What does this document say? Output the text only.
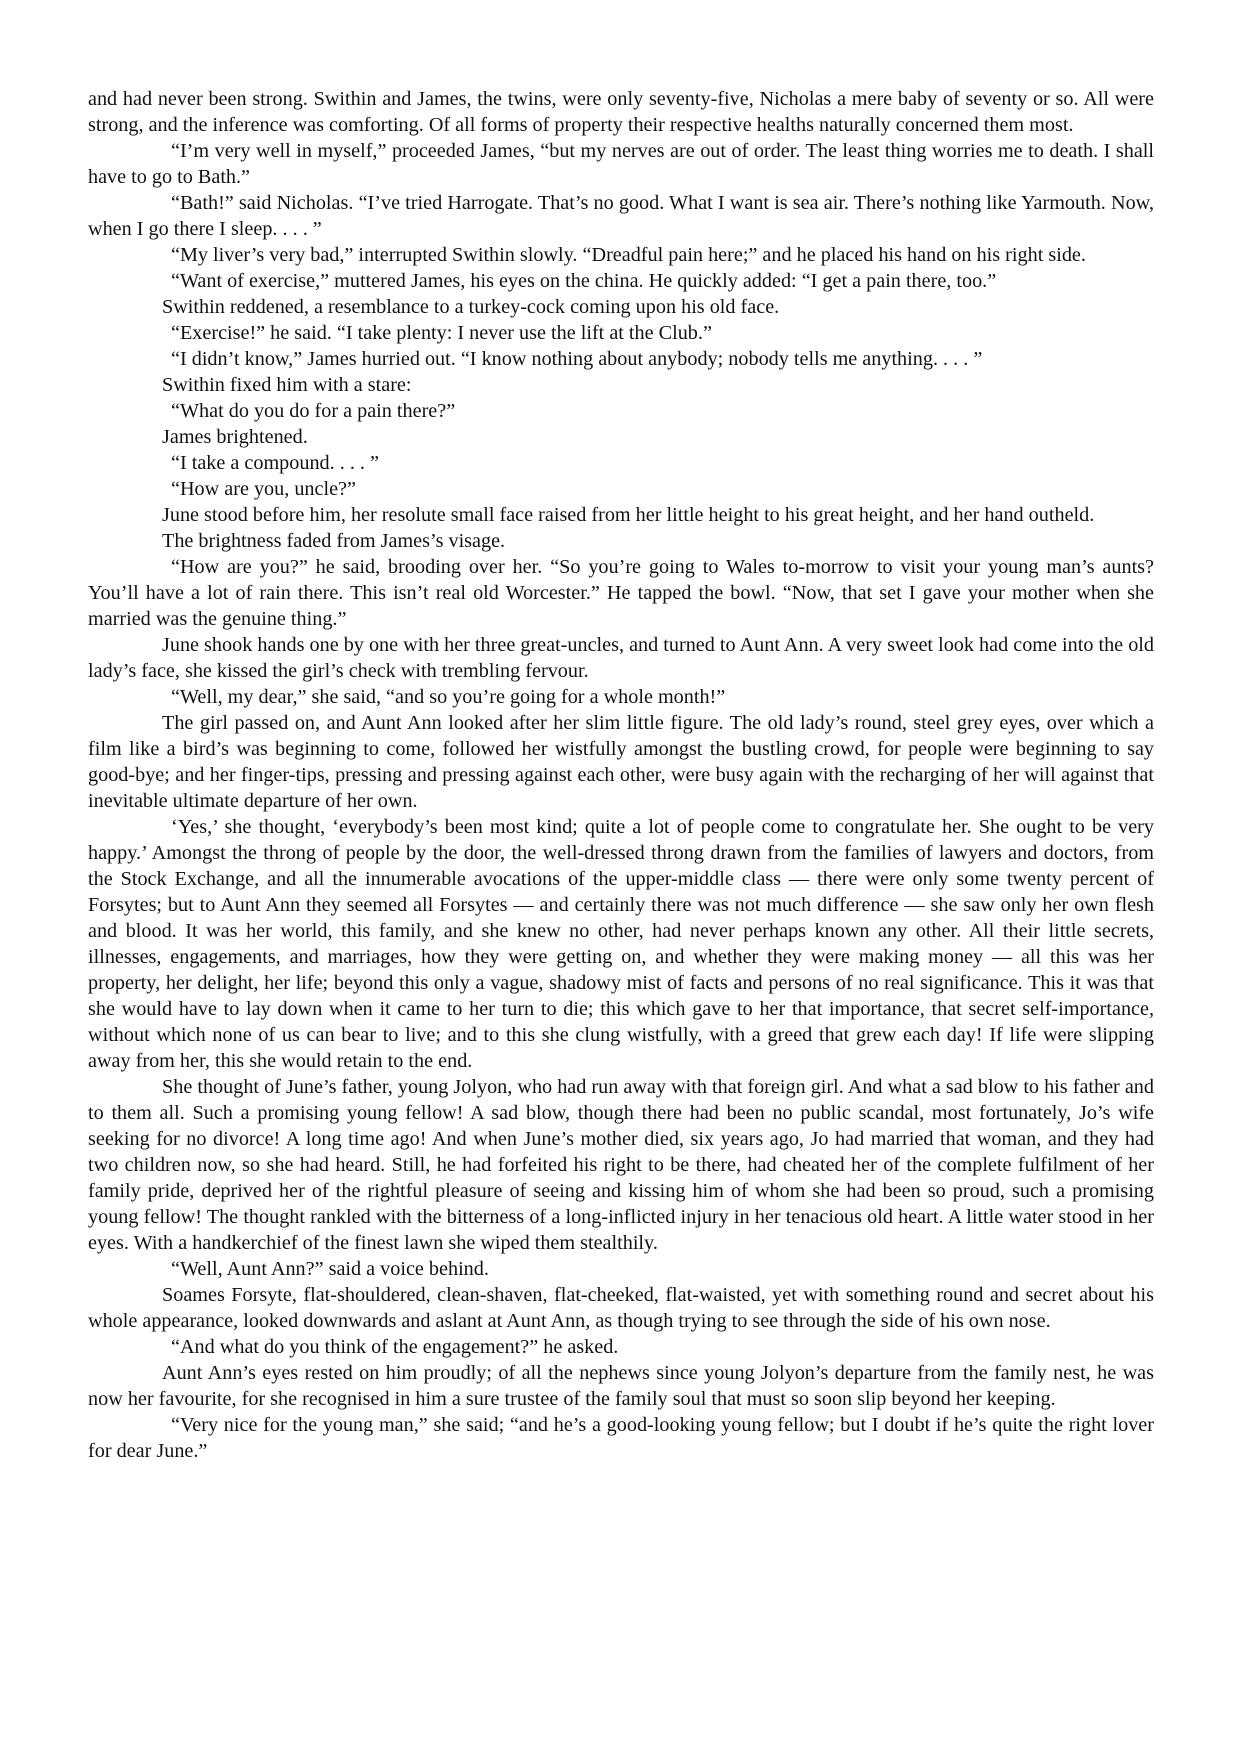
and had never been strong. Swithin and James, the twins, were only seventy-five, Nicholas a mere baby of seventy or so. All were strong, and the inference was comforting. Of all forms of property their respective healths naturally concerned them most.

“I’m very well in myself,” proceeded James, “but my nerves are out of order. The least thing worries me to death. I shall have to go to Bath.”

“Bath!” said Nicholas. “I’ve tried Harrogate. That’s no good. What I want is sea air. There’s nothing like Yarmouth. Now, when I go there I sleep. . . . ”

“My liver’s very bad,” interrupted Swithin slowly. “Dreadful pain here;” and he placed his hand on his right side.

“Want of exercise,” muttered James, his eyes on the china. He quickly added: “I get a pain there, too.”

Swithin reddened, a resemblance to a turkey-cock coming upon his old face.

“Exercise!” he said. “I take plenty: I never use the lift at the Club.”

“I didn’t know,” James hurried out. “I know nothing about anybody; nobody tells me anything. . . . ”

Swithin fixed him with a stare:

“What do you do for a pain there?”

James brightened.

“I take a compound. . . . ”

“How are you, uncle?”

June stood before him, her resolute small face raised from her little height to his great height, and her hand outheld.

The brightness faded from James’s visage.

“How are you?” he said, brooding over her. “So you’re going to Wales to-morrow to visit your young man’s aunts? You’ll have a lot of rain there. This isn’t real old Worcester.” He tapped the bowl. “Now, that set I gave your mother when she married was the genuine thing.”

June shook hands one by one with her three great-uncles, and turned to Aunt Ann. A very sweet look had come into the old lady’s face, she kissed the girl’s check with trembling fervour.

“Well, my dear,” she said, “and so you’re going for a whole month!”

The girl passed on, and Aunt Ann looked after her slim little figure. The old lady’s round, steel grey eyes, over which a film like a bird’s was beginning to come, followed her wistfully amongst the bustling crowd, for people were beginning to say good-bye; and her finger-tips, pressing and pressing against each other, were busy again with the recharging of her will against that inevitable ultimate departure of her own.

‘Yes,’ she thought, ‘everybody’s been most kind; quite a lot of people come to congratulate her. She ought to be very happy.’ Amongst the throng of people by the door, the well-dressed throng drawn from the families of lawyers and doctors, from the Stock Exchange, and all the innumerable avocations of the upper-middle class — there were only some twenty percent of Forsytes; but to Aunt Ann they seemed all Forsytes — and certainly there was not much difference — she saw only her own flesh and blood. It was her world, this family, and she knew no other, had never perhaps known any other. All their little secrets, illnesses, engagements, and marriages, how they were getting on, and whether they were making money — all this was her property, her delight, her life; beyond this only a vague, shadowy mist of facts and persons of no real significance. This it was that she would have to lay down when it came to her turn to die; this which gave to her that importance, that secret self-importance, without which none of us can bear to live; and to this she clung wistfully, with a greed that grew each day! If life were slipping away from her, this she would retain to the end.

She thought of June’s father, young Jolyon, who had run away with that foreign girl. And what a sad blow to his father and to them all. Such a promising young fellow! A sad blow, though there had been no public scandal, most fortunately, Jo’s wife seeking for no divorce! A long time ago! And when June’s mother died, six years ago, Jo had married that woman, and they had two children now, so she had heard. Still, he had forfeited his right to be there, had cheated her of the complete fulfilment of her family pride, deprived her of the rightful pleasure of seeing and kissing him of whom she had been so proud, such a promising young fellow! The thought rankled with the bitterness of a long-inflicted injury in her tenacious old heart. A little water stood in her eyes. With a handkerchief of the finest lawn she wiped them stealthily.

“Well, Aunt Ann?” said a voice behind.

Soames Forsyte, flat-shouldered, clean-shaven, flat-cheeked, flat-waisted, yet with something round and secret about his whole appearance, looked downwards and aslant at Aunt Ann, as though trying to see through the side of his own nose.

“And what do you think of the engagement?” he asked.

Aunt Ann’s eyes rested on him proudly; of all the nephews since young Jolyon’s departure from the family nest, he was now her favourite, for she recognised in him a sure trustee of the family soul that must so soon slip beyond her keeping.

“Very nice for the young man,” she said; “and he’s a good-looking young fellow; but I doubt if he’s quite the right lover for dear June.”
